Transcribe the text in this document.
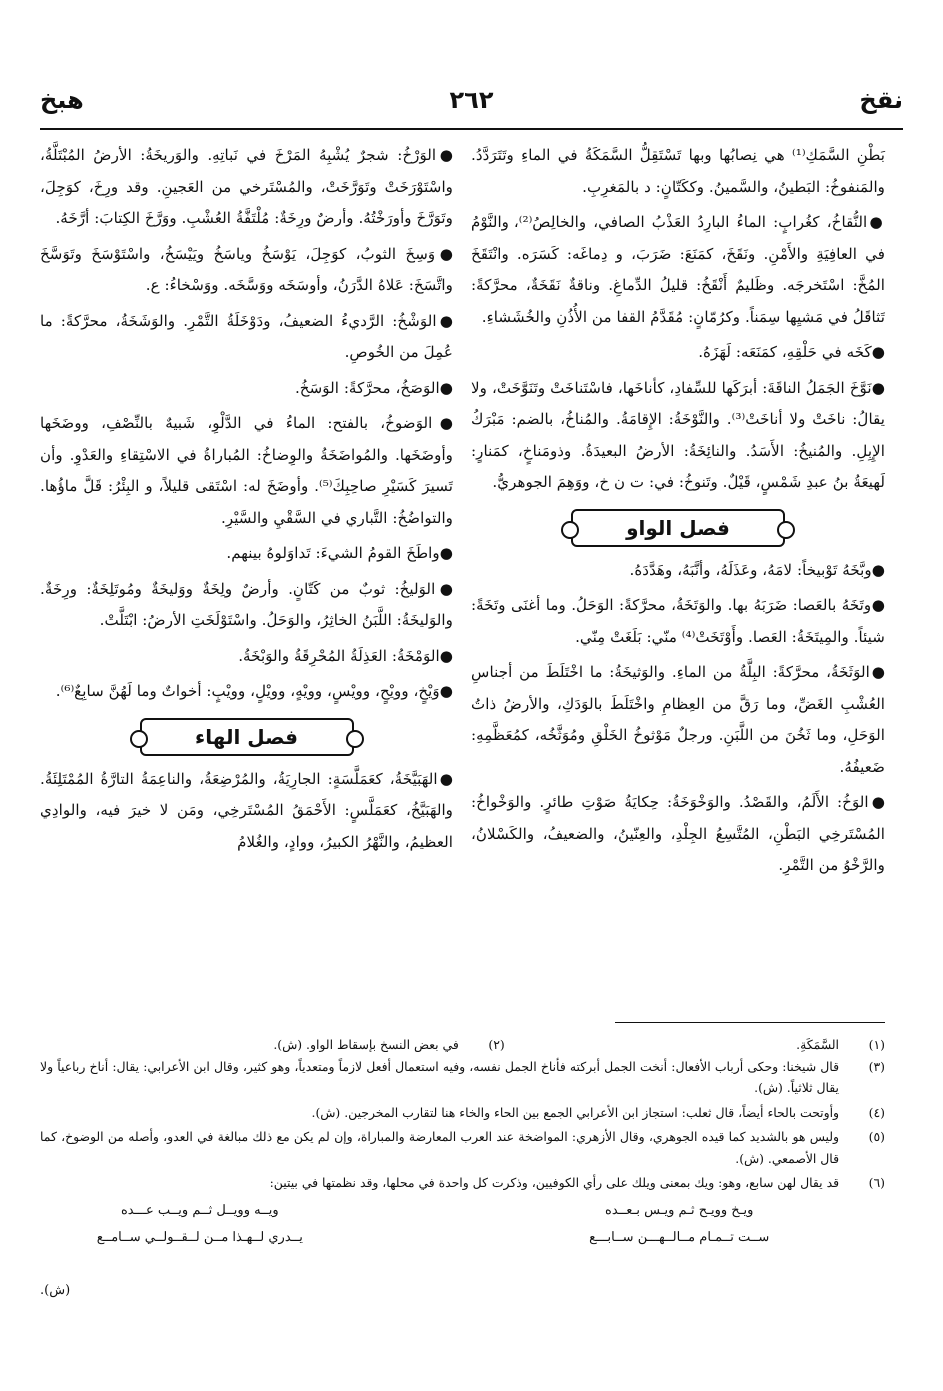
نقخ
٢٦٢
هبخ

بَطْنِ السَّمَكِ⁽¹⁾ هي نِصابُها وبها تَسْتَقِلُّ السَّمَكَةُ في الماءِ وتَتَرَدَّدُ. والمَنفوخُ: البَطينُ، والسَّمينُ. وككَتّانٍ: د بالمَغرِبِ.

●النُّقاخُ، كغُرابٍ: الماءُ البارِدُ العَذْبُ الصافي، والخالِصُ⁽²⁾، والنَّوْمُ في العافِيَةِ والأَمْنِ. ونَقَخَ، كمَنَعَ: ضَرَبَ، و دِماغَه: كَسَرَه. وانْتَقَخَ المُخَّ: اسْتَخرجَه. وظَليمٌ أَنْقَخُ: قليلُ الدِّماغِ. وناقةٌ نَقَخَةٌ، محرَّكةً: تَثاقَلُ في مَشيِها سِمَناً. وكرُمّانٍ: مُقَدَّمُ القفا من الأُذُنِ والخُشَشاءِ.

●كَخَه في حَلْقِهِ، كمَنَعَه: لَهَزَهُ.

●نَوَّخَ الجَمَلُ الناقَةَ: أبرَكَها للسِّفادِ، كأناخَها، فاسْتَناخَتْ وتَنَوَّخَتْ، ولا يقالُ: ناخَتْ ولا أناخَتْ⁽³⁾. والنَّوْخَةُ: الإِقامَةُ. والمُناخُ، بالضم: مَبْرَكُ الإِبِلِ. والمُنيخُ: الأَسَدُ. والنائِخَةُ: الأرضُ البعيدَةُ. وذومَناخٍ، كمَنارٍ: لَهيعَةُ بنُ عبدِ شَمْسٍ، قَيْلٌ. وتَنوخُ: في: ت ن خ، ووَهِمَ الجوهريُّ.

فصل الواو

●وبَّخَهُ تَوْبيخاً: لامَهُ، وعَذَلَهُ، وأنَّبَهُ، وهَدَّدَهُ.

●وتَخَهُ بالعَصا: ضَرَبَهُ بها. والوَتَخَةُ، محرَّكةً: الوَحَلُ. وما أغنَى وتَخَةً: شيئاً. والمِيتَخَةُ: العَصا. وأَوْتَخَتْ⁽⁴⁾ منّي: بَلَغَتْ مِنّي.

●الوَثَخَةُ، محرَّكةً: البِلَّةُ من الماءِ. والوَثيخَةُ: ما اخْتَلَطَ من أجناسِ العُشْبِ الغَضِّ، وما رَقَّ من العِظامِ واخْتَلَطَ بالوَدَكِ، والأرضُ ذاتُ الوَحَلِ، وما ثَخُنَ من اللَّبَنِ. ورجلٌ مَوْثوخُ الخَلْقِ ومُوَثَّخُه، كمُعَظَّمِهِ: ضَعيفُهُ.

●الوَخُ: الأَلَمُ، والقَصْدُ. والوَخْوَخَةُ: حِكايَةُ صَوْتِ طائرٍ. والوَخْواخُ: المُسْتَرخِي البَطْنِ، المُتَّسِعُ الجِلْدِ، والعِنّينُ، والضعيفُ، والكَسْلانُ، والرَّخْوُ من التَّمْرِ.

●الوَرْخُ: شجرٌ يُشْبِهُ المَرْخَ في نَباتِهِ. والوَريخَةُ: الأرضُ المُبْتَلَّةُ، واسْتَوْرَخَتْ وتَوَرَّخَتْ، والمُسْتَرخي من العَجينِ. وقد ورِخَ، كوَجِلَ، وتَوَرَّخَ وأورَخْتُهُ. وأرضٌ ورِخَةٌ: مُلْتَفَّةُ العُشْبِ. ووَرَّخَ الكِتابَ: أرَّخَهُ.

●وَسِخَ الثوبُ، كوَجِلَ، يَوْسَخُ وياسَخُ ويَيْسَخُ، واسْتَوْسَخَ وتَوَسَّخَ واتَّسَخَ: عَلاهُ الدَّرَنُ، وأوسَخَه ووَسَّخَه. ووَسْخاءُ: ع.

●الوَشْخُ: الرَّديءُ الضعيفُ، ودَوْخَلَةُ التَّمْرِ. والوَشَخَةُ، محرَّكةً: ما عُمِلَ من الخُوصِ.

●الوَصَخُ، محرَّكةً: الوَسَخُ.

●الوَضوخُ، بالفتح: الماءُ في الدَّلْوِ، شَبيهٌ بالنِّصْفِ، ووضَخَها وأوضَخَها. والمُواضَخَةُ والوِضاخُ: المُباراةُ في الاسْتِقاءِ والعَدْوِ. وأن تَسيرَ كَسَيْرِ صاحِبِكَ⁽⁵⁾. وأوضَخَ له: اسْتَقى قليلاً، و البِئْرُ: قَلَّ ماؤُها. والتواضُخُ: التَّباري في السَّقْيِ والسَّيْرِ.

●واطَخَ القومُ الشيءَ: تَداوَلوهُ بينهم.

●الوَليخُ: ثوبٌ من كَتّانٍ. وأرضٌ ولِخَةٌ ووَليخَةٌ ومُوتَلِخَةٌ: ورِخَةٌ. والوَليخَةُ: اللَّبَنُ الخاثِرُ، والوَحَلُ. واسْتَوْلَخَتِ الأرضُ: ابْتَلَّتْ.

●الوَمْخَةُ: العَذِلَةُ المُحْرِقَةُ والوَبْخَةُ.

●وَيْخٍ، وويْحٍ، وويْسٍ، وويْهٍ، وويْلٍ، وويْبٍ: أخواتٌ وما لَهُنَّ سابِعٌ⁽⁶⁾.

فصل الهاء

●الهَبَيَّخَةُ، كعَمَلَّسَةٍ: الجارِيَةُ، والمُرْضِعَةُ، والناعِمَةُ التارَّةُ المُمْتَلِئَةُ. والهَبَيَّخُ، كعَمَلَّسٍ: الأَحْمَقُ المُسْتَرخِي، ومَن لا خيرَ فيه، والوادِي العظيمُ، والنَّهْرُ الكبيرُ، ووادٍ، والغُلامُ

(١)
السَّمَكَةِ.
(٢)
في بعض النسخ بإسقاط الواو. (ش).
(٣)
قال شيخنا: وحكى أرباب الأفعال: أنخت الجمل أبركته فأناخ الجمل نفسه، وفيه استعمال أفعل لازماً ومتعدياً، وهو كثير، وقال ابن الأعرابي: يقال: أناخ رباعياً ولا يقال ثلاثياً. (ش).
(٤)
وأوتحت بالحاء أيضاً، قال ثعلب: استجاز ابن الأعرابي الجمع بين الحاء والخاء هنا لتقارب المخرجين. (ش).
(٥)
وليس هو بالشديد كما قيده الجوهري، وقال الأزهري: المواضخة عند العرب المعارضة والمباراة، وإن لم يكن مع ذلك مبالغة في العدو، وأصله من الوضوخ، كما قال الأصمعي. (ش).
(٦)
قد يقال لهن سابع، وهو: ويك بمعنى ويلك على رأي الكوفيين، وذكرت كل واحدة في محلها، وقد نظمتها في بيتين:
ويـخ وويـح ثـم ويـس بـعــده
ويــه وويــل ثــم ويــب عـــده
ســت تــمـام مــالــهـــن ســابـــع
يــدري لــهـذا مــن لــقــولــي ســامــع
(ش).
